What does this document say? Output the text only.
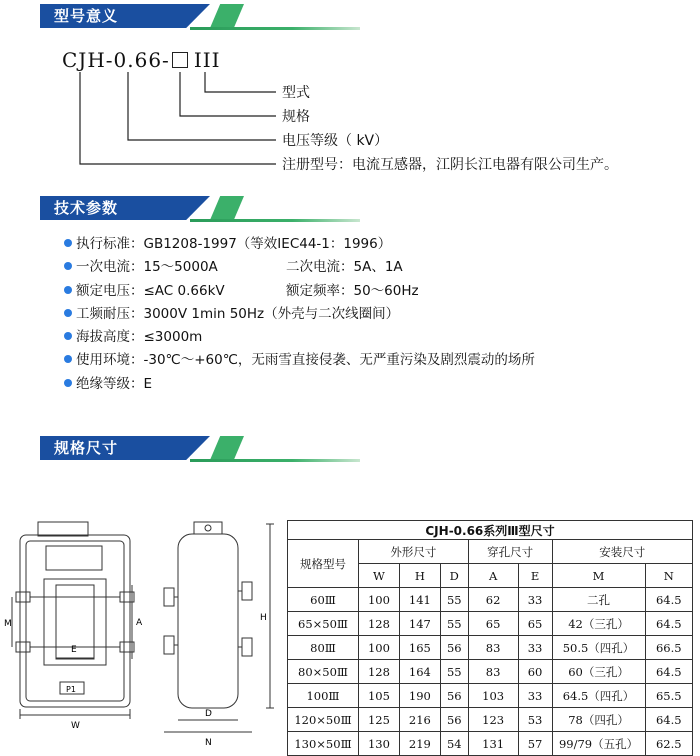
型号意义
CJH-0.66- III
型式
规格
电压等级（ kV）
注册型号：电流互感器，江阴长江电器有限公司生产。
技术参数
执行标准：GB1208-1997（等效IEC44-1：1996）
一次电流：15～5000A	二次电流：5A、1A
额定电压：≤AC 0.66kV	额定频率：50～60Hz
工频耐压：3000V 1min 50Hz（外壳与二次线圈间）
海拔高度：≤3000m
使用环境：-30℃～+60℃，无雨雪直接侵袭、无严重污染及剧烈震动的场所
绝缘等级：E
规格尺寸
M
E
A
W
P1
D
N
H
CJH-0.66系列Ⅲ型尺寸							
规格型号	外形尺寸			穿孔尺寸		安装尺寸	
	W	H	D	A	E	M	N
60Ⅲ	100	141	55	62	33	二孔	64.5
65×50Ⅲ	128	147	55	65	65	42（三孔）	64.5
80Ⅲ	100	165	56	83	33	50.5（四孔）	66.5
80×50Ⅲ	128	164	55	83	60	60（三孔）	64.5
100Ⅲ	105	190	56	103	33	64.5（四孔）	65.5
120×50Ⅲ	125	216	56	123	53	78（四孔）	64.5
130×50Ⅲ	130	219	54	131	57	99/79（五孔）	62.5
